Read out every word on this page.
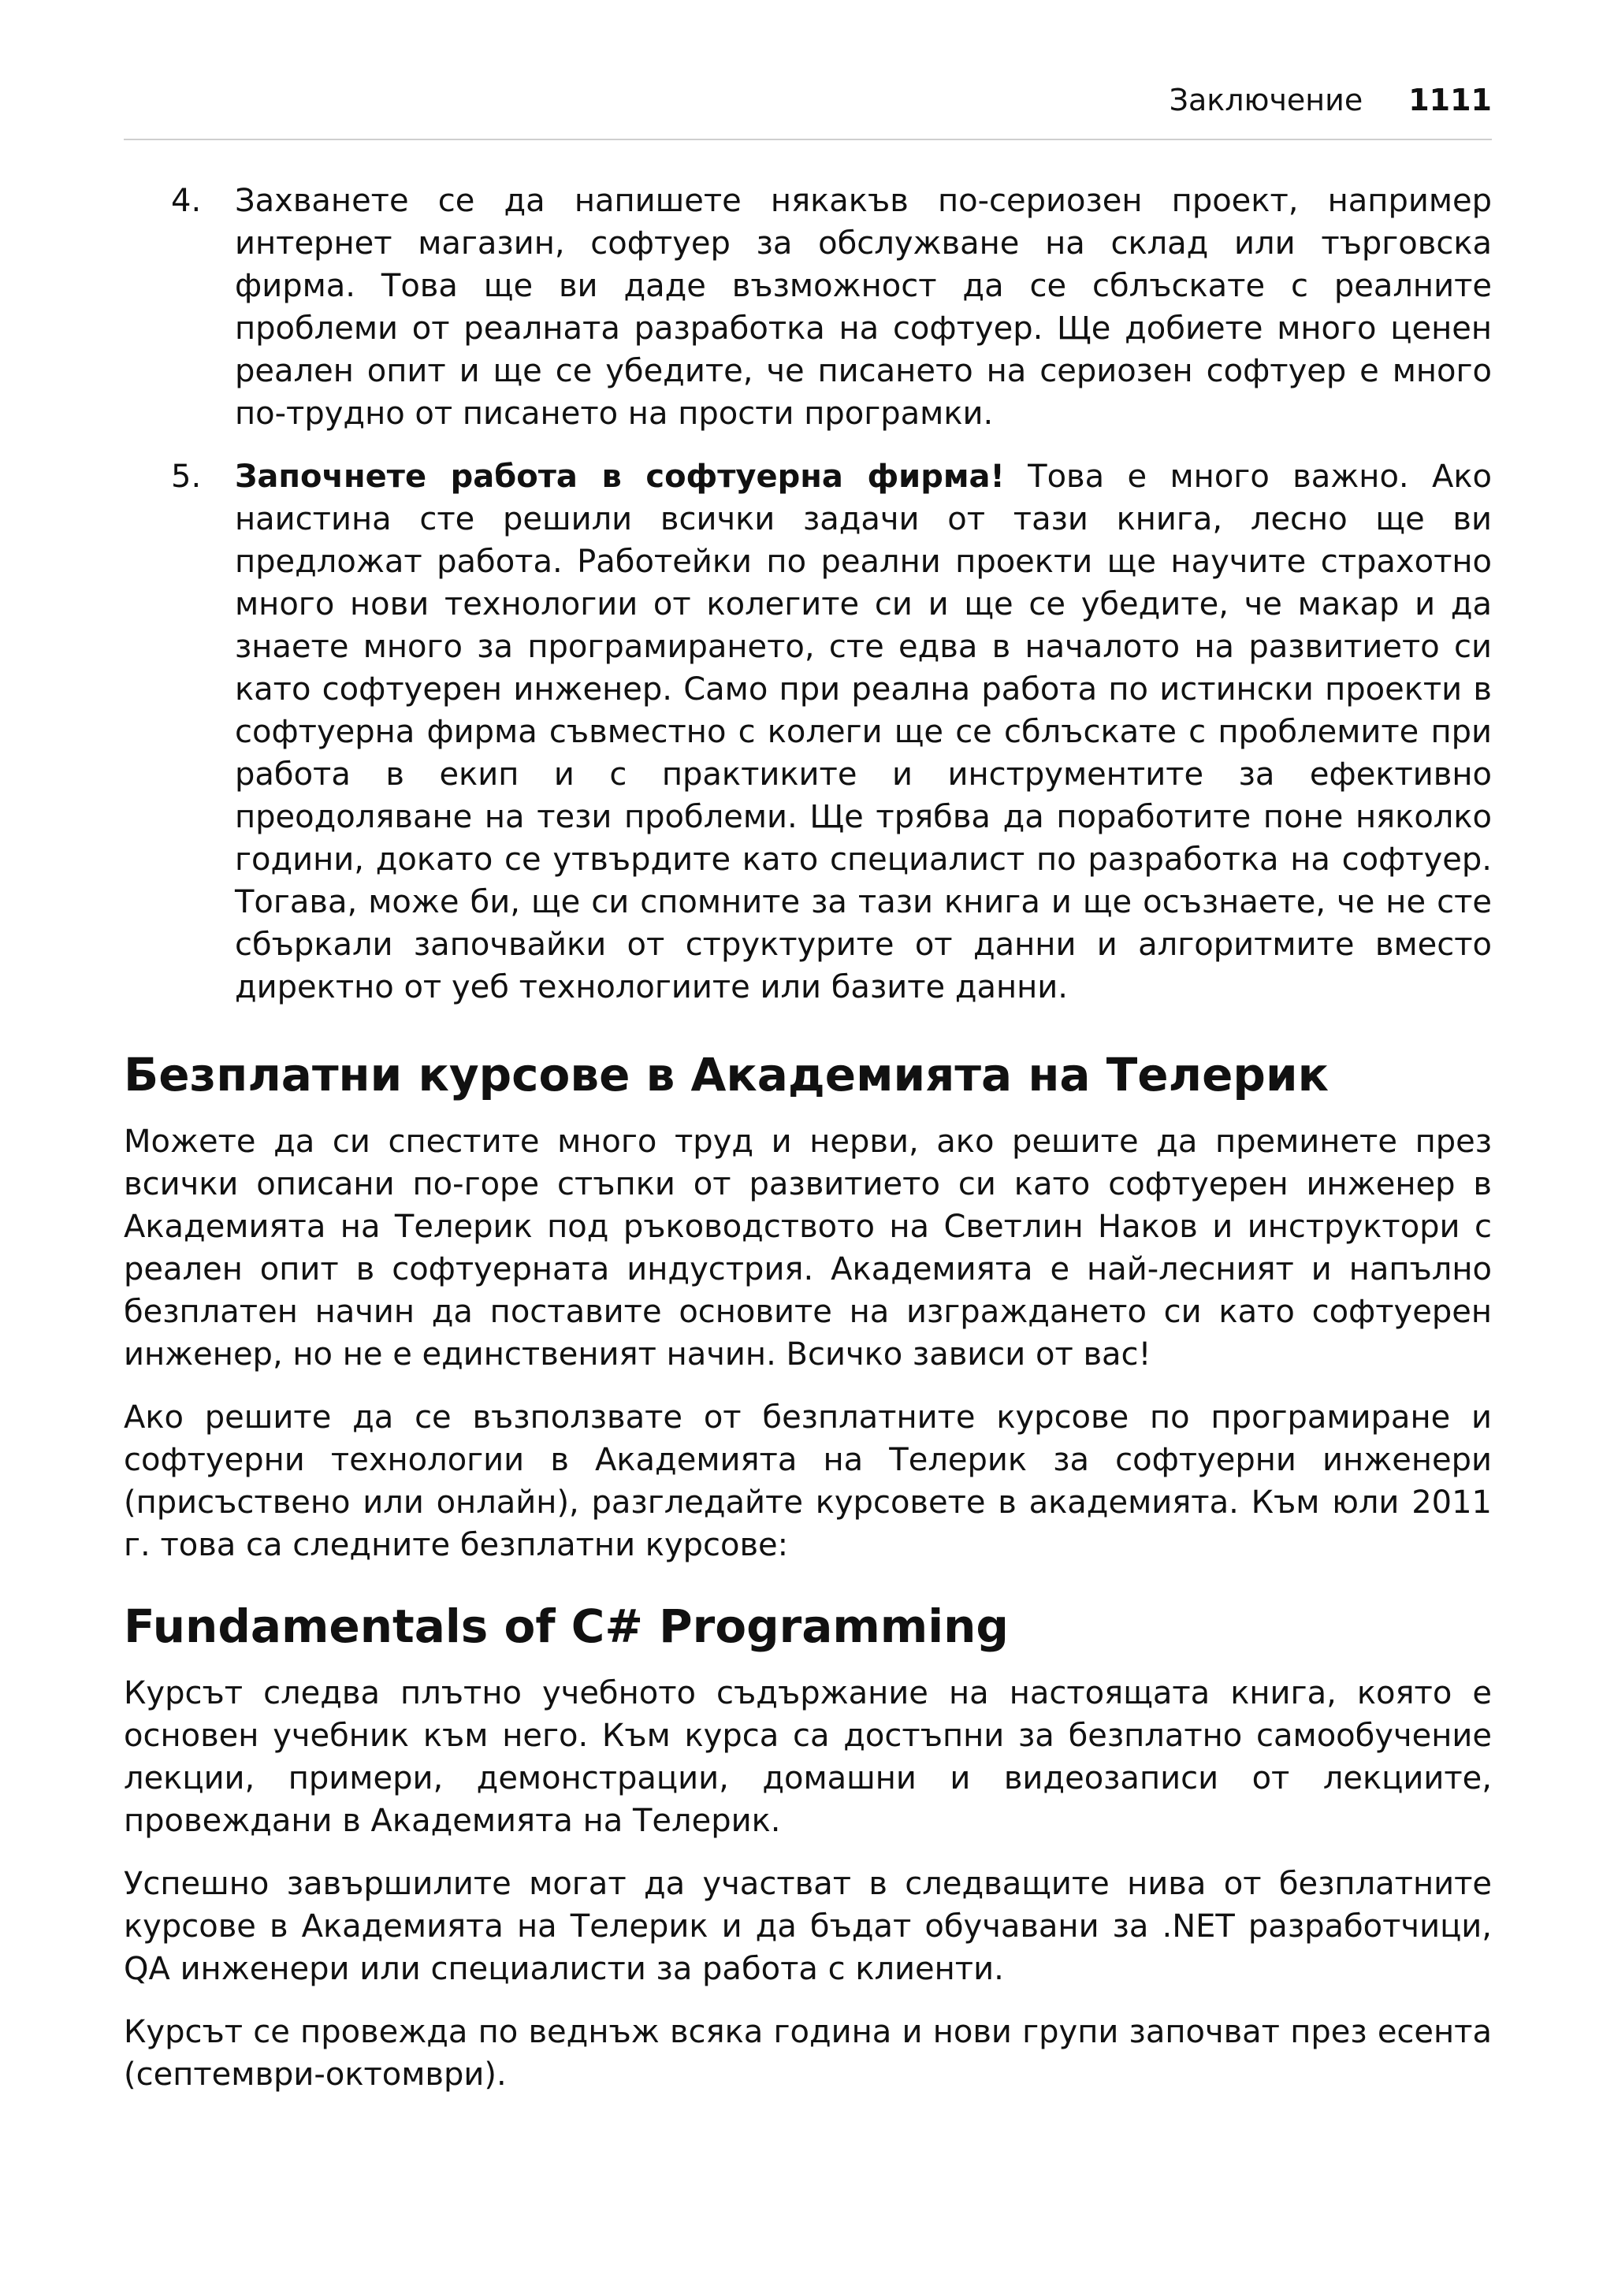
Заключение 1111
4. Захванете се да напишете някакъв по-сериозен проект, например интернет магазин, софтуер за обслужване на склад или търговска фирма. Това ще ви даде възможност да се сблъскате с реалните проблеми от реалната разработка на софтуер. Ще добиете много ценен реален опит и ще се убедите, че писането на сериозен софтуер е много по-трудно от писането на прости програмки.
5. Започнете работа в софтуерна фирма! Това е много важно. Ако наистина сте решили всички задачи от тази книга, лесно ще ви предложат работа. Работейки по реални проекти ще научите страхотно много нови технологии от колегите си и ще се убедите, че макар и да знаете много за програмирането, сте едва в началото на развитието си като софтуерен инженер. Само при реална работа по истински проекти в софтуерна фирма съвместно с колеги ще се сблъскате с проблемите при работа в екип и с практиките и инструментите за ефективно преодоляване на тези проблеми. Ще трябва да поработите поне няколко години, докато се утвърдите като специалист по разработка на софтуер. Тогава, може би, ще си спомните за тази книга и ще осъзнаете, че не сте сбъркали започвайки от структурите от данни и алгоритмите вместо директно от уеб технологиите или базите данни.
Безплатни курсове в Академията на Телерик

Можете да си спестите много труд и нерви, ако решите да преминете през всички описани по-горе стъпки от развитието си като софтуерен инженер в Академията на Телерик под ръководството на Светлин Наков и инструктори с реален опит в софтуерната индустрия. Академията е най-лесният и напълно безплатен начин да поставите основите на изграждането си като софтуерен инженер, но не е единственият начин. Всичко зависи от вас!

Ако решите да се възползвате от безплатните курсове по програмиране и софтуерни технологии в Академията на Телерик за софтуерни инженери (присъствено или онлайн), разгледайте курсовете в академията. Към юли 2011 г. това са следните безплатни курсове:

Fundamentals of C# Programming

Курсът следва плътно учебното съдържание на настоящата книга, която е основен учебник към него. Към курса са достъпни за безплатно самообучение лекции, примери, демонстрации, домашни и видеозаписи от лекциите, провеждани в Академията на Телерик.

Успешно завършилите могат да участват в следващите нива от безплатните курсове в Академията на Телерик и да бъдат обучавани за .NET разработчици, QA инженери или специалисти за работа с клиенти.

Курсът се провежда по веднъж всяка година и нови групи започват през есента (септември-октомври).
